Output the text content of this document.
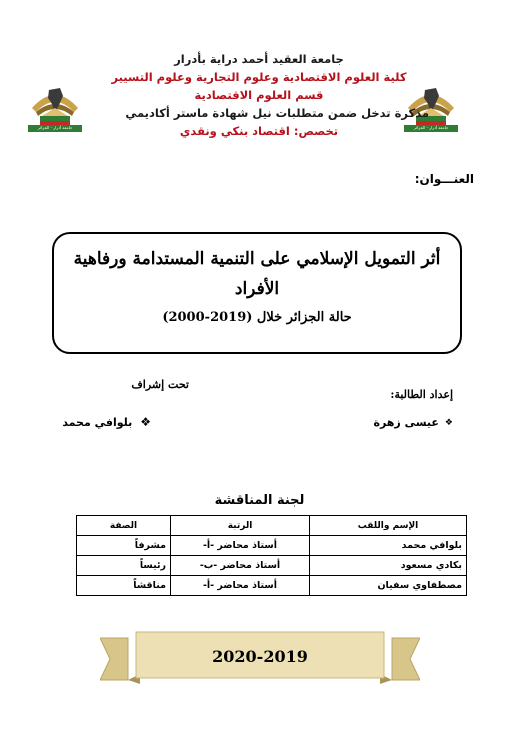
جامعة أدرار - الجزائر	جامعة أدرار - الجزائر
جامعة العقيد أحمد دراية بأدرار
كلية العلوم الاقتصادية وعلوم التجارية وعلوم التسيير
قسم العلوم الاقتصادية
مذكرة تدخل ضمن متطلبات نيل شهادة ماستر أكاديمي
تخصص: اقتصاد بنكي ونقدي
العنـــوان:
أثر التمويل الإسلامي على التنمية المستدامة ورفاهية الأفراد
حالة الجزائر خلال (2019-2000)
إعداد الطالبة:
تحت إشراف
❖
عيسى زهرة
❖
بلوافي محمد
لجنة المناقشة
الإسم واللقب	الرتبة	الصفة
بلوافي محمد	أستاذ محاضر -أ-	مشرفاً
بكادي مسعود	أستاذ محاضر -ب-	رئيساً
مصطفاوي سفيان	أستاذ محاضر -أ-	مناقشاً
2020-2019
